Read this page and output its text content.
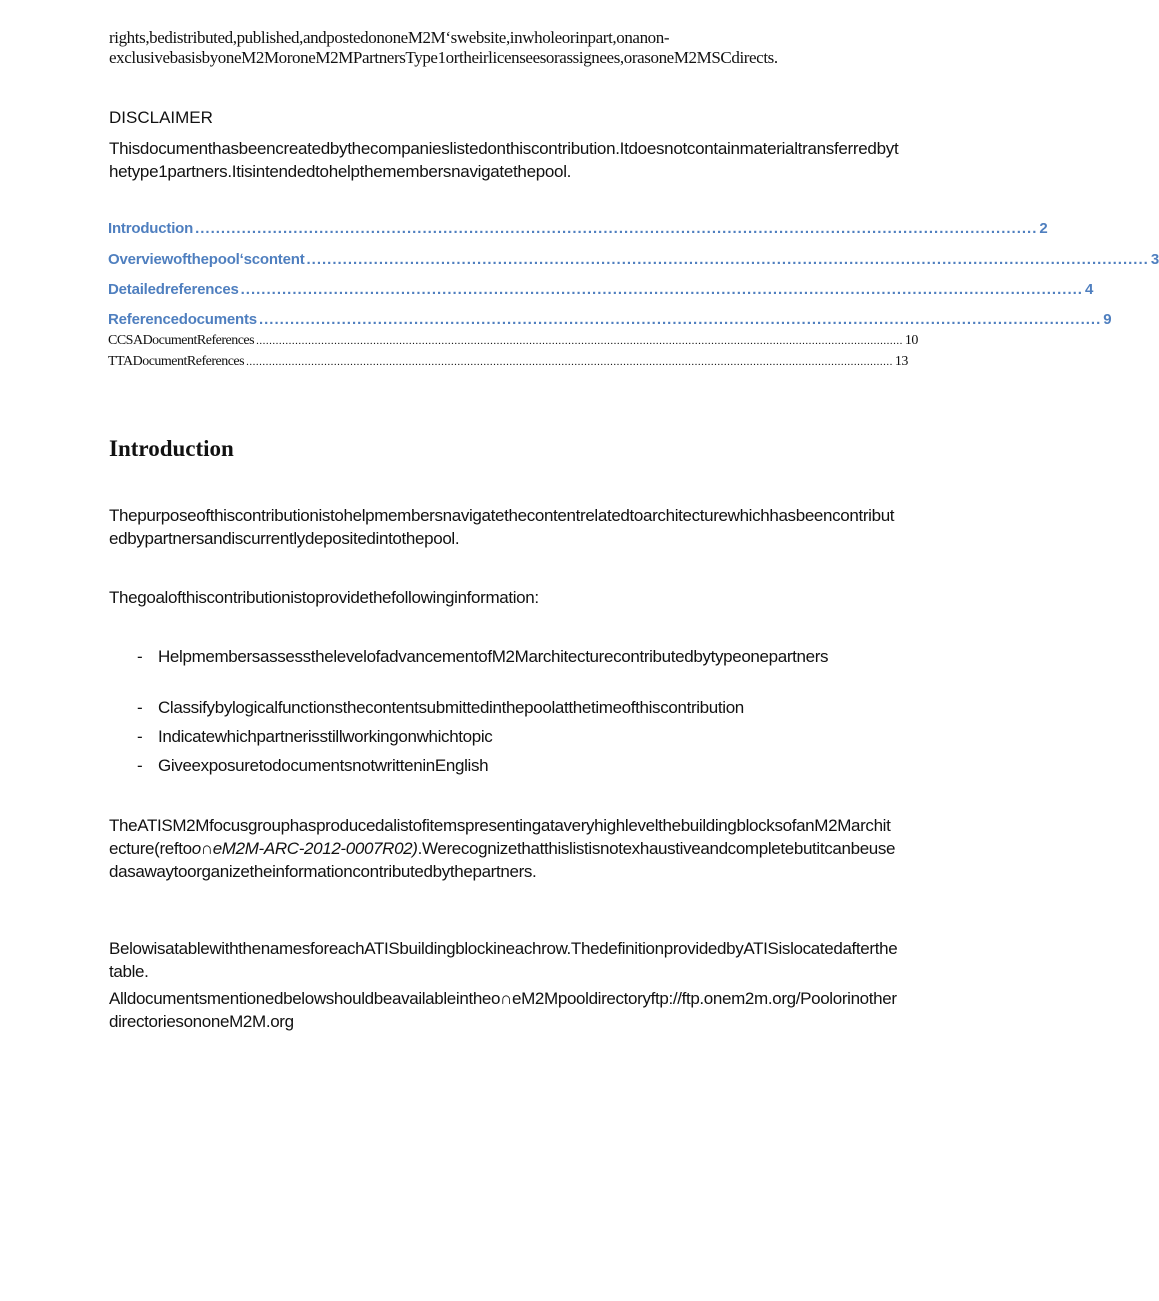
rights,bedistributed,published,andpostedononeM2Mʻswebsite,inwholeorinpart,onanon-exclusivebasisbyoneM2MoroneM2MPartnersType1ortheirlicenseesorassignees,orasoneM2MSCdirects.
DISCLAIMER
Thisdocumenthasbeencreatedbythecompanieslistedonthiscontribution.Itdoesnotcontainmaterialtransferredbythetype1partners.Itisintendedtohelpthemembersnavigatethepool.
Introduction ................................................................................................................................................................... 2
Overviewofthepoolʻscontent ................................................................................................................................................................... 3
Detailedreferences ................................................................................................................................................................... 4
Referencedocuments ................................................................................................................................................................... 9
CCSADocumentReferences ....................................................................................................................................................................................................... 10
TTADocumentReferences ....................................................................................................................................................................................................... 13
Introduction
Thepurposeofthiscontributionistohelpmembersnavigatethecontentrelatedtoarchitecturewhichhasbeencontributedbypartnersandiscurrentlydepositedintothepool.
Thegoalofthiscontributionistoprovidethefollowinginformation:
- HelpmembersassessthelevelofadvancementofM2Marchitecturecontributedbytypeonepartners
- Classifybylogicalfunctionsthecontentsubmittedinthepoolatthetimeofthiscontribution
- Indicatewhichpartnerisstillworkingonwhichtopic
- GiveexposuretodocumentsnotwritteninEnglish
TheATISM2MfocusgrouphasproducedalistofitemspresentingataveryhighlevelthebuildingblocksofanM2Marchitecture(reftoo∩eM2M-ARC-2012-0007R02).Werecognizethatthislistisnotexhaustiveandcompletebutitcanbeusedasawaytoorganizetheinformationcontributedbythepartners.
BelowisatablewiththenamesforeachATISbuildingblockineachrow.ThedefinitionprovidedbyATISislocatedafterthetable.
Alldocumentsmentionedbelowshouldbeavailableintheo∩eM2Mpooldirectoryftp://ftp.onem2m.org/PoolorinotherdirectoriesononeM2M.org
